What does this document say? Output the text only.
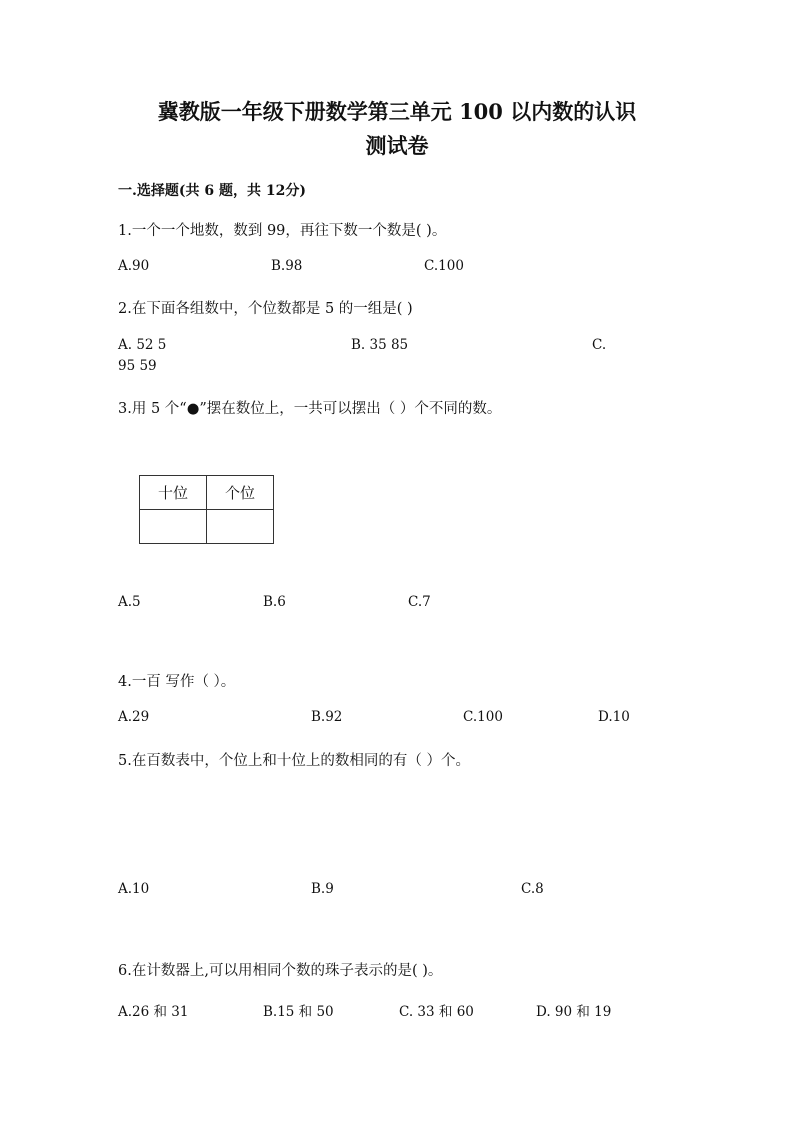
冀教版一年级下册数学第三单元 100 以内数的认识
测试卷
一.选择题(共 6 题，共 12分)
1.一个一个地数，数到 99，再往下数一个数是( )。
A.90	B.98	C.100
2.在下面各组数中，个位数都是 5 的一组是( )
A. 52 5	B. 35 85	C.
95 59
3.用 5 个“●”摆在数位上，一共可以摆出（ ）个不同的数。
十位	个位

A.5	B.6	C.7
4.一百 写作（ ）。
A.29	B.92	C.100	D.10
5.在百数表中，个位上和十位上的数相同的有（ ）个。
A.10	B.9	C.8
6.在计数器上,可以用相同个数的珠子表示的是( )。
A.26 和 31	B.15 和 50	C. 33 和 60	D. 90 和 19
